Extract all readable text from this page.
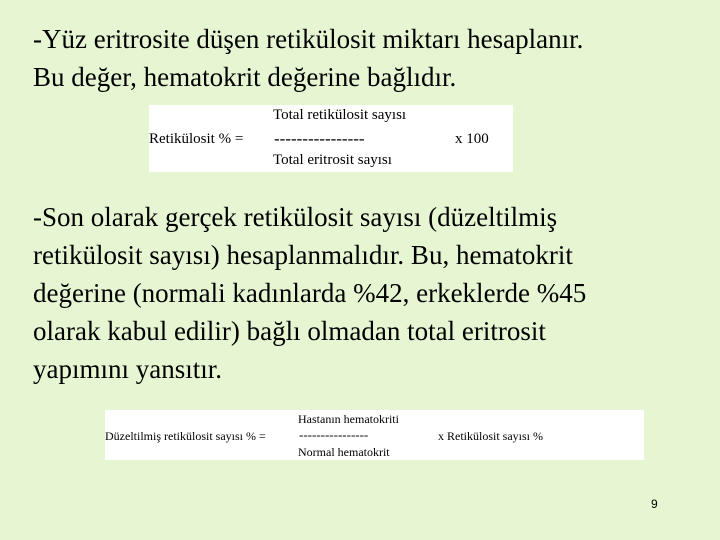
-Yüz eritrosite düşen retikülosit miktarı hesaplanır.
Bu değer, hematokrit değerine bağlıdır.
Total retikülosit sayısı
Retikülosit % = ----------------	x 100
Total eritrosit sayısı
-Son olarak gerçek retikülosit sayısı (düzeltilmiş
retikülosit sayısı) hesaplanmalıdır. Bu, hematokrit
değerine (normali kadınlarda %42, erkeklerde %45
olarak kabul edilir) bağlı olmadan total eritrosit
yapımını yansıtır.
Hastanın hematokriti
Düzeltilmiş retikülosit sayısı % =	----------------	x Retikülosit sayısı %
Normal hematokrit
9
